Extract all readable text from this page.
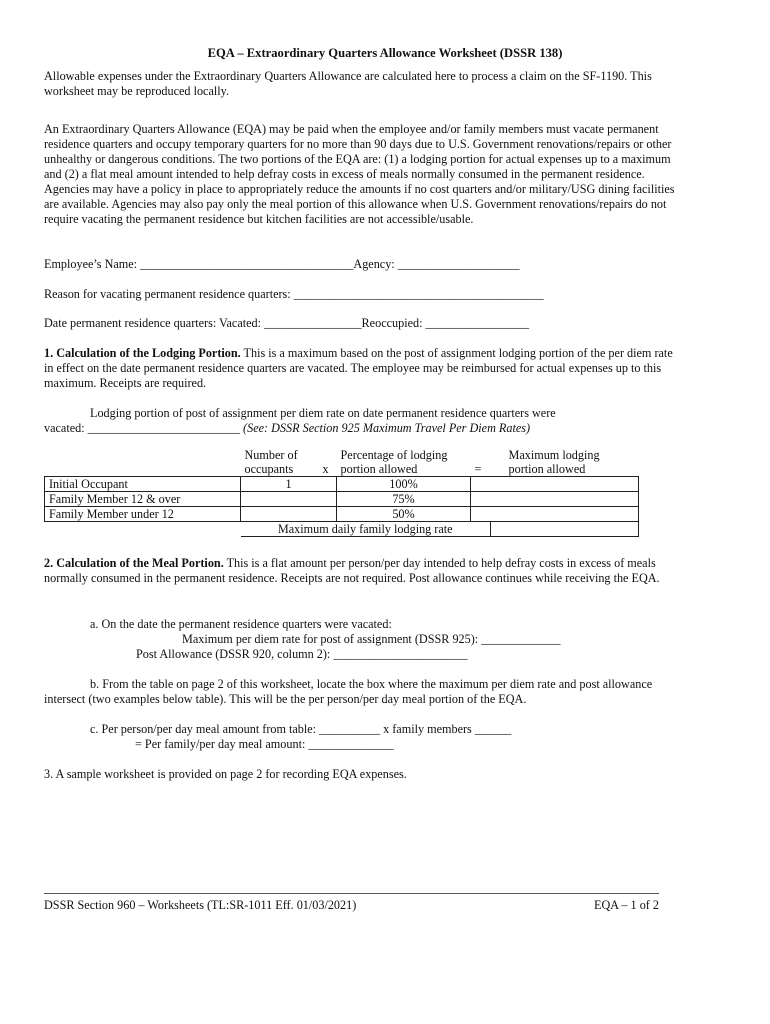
EQA – Extraordinary Quarters Allowance Worksheet (DSSR 138)

Allowable expenses under the Extraordinary Quarters Allowance are calculated here to process a claim on the SF-1190. This worksheet may be reproduced locally.

An Extraordinary Quarters Allowance (EQA) may be paid when the employee and/or family members must vacate permanent residence quarters and occupy temporary quarters for no more than 90 days due to U.S. Government renovations/repairs or other unhealthy or dangerous conditions. The two portions of the EQA are: (1) a lodging portion for actual expenses up to a maximum and (2) a flat meal amount intended to help defray costs in excess of meals normally consumed in the permanent residence. Agencies may have a policy in place to appropriately reduce the amounts if no cost quarters and/or military/USG dining facilities are available. Agencies may also pay only the meal portion of this allowance when U.S. Government renovations/repairs do not require vacating the permanent residence but kitchen facilities are not accessible/usable.

Employee’s Name: ___________________________________Agency: ____________________

Reason for vacating permanent residence quarters: _________________________________________

Date permanent residence quarters: Vacated: ________________Reoccupied: _________________

1. Calculation of the Lodging Portion. This is a maximum based on the post of assignment lodging portion of the per diem rate in effect on the date permanent residence quarters are vacated. The employee may be reimbursed for actual expenses up to this maximum. Receipts are required.

Lodging portion of post of assignment per diem rate on date permanent residence quarters were

vacated: _________________________ (See: DSSR Section 925 Maximum Travel Per Diem Rates)

	Number of
occupants	x	Percentage of lodging
portion allowed	=	Maximum lodging
portion allowed
Initial Occupant	1		100%		
Family Member 12 & over			75%		
Family Member under 12			50%		
	Maximum daily family lodging rate				

2. Calculation of the Meal Portion. This is a flat amount per person/per day intended to help defray costs in excess of meals normally consumed in the permanent residence. Receipts are not required. Post allowance continues while receiving the EQA.

a. On the date the permanent residence quarters were vacated:

Maximum per diem rate for post of assignment (DSSR 925): _____________

Post Allowance (DSSR 920, column 2): ______________________

b. From the table on page 2 of this worksheet, locate the box where the maximum per diem rate and post allowance intersect (two examples below table). This will be the per person/per day meal portion of the EQA.

c. Per person/per day meal amount from table: __________ x family members ______

= Per family/per day meal amount: ______________

3. A sample worksheet is provided on page 2 for recording EQA expenses.

DSSR Section 960 – Worksheets (TL:SR-1011 Eff. 01/03/2021)	EQA – 1 of 2
